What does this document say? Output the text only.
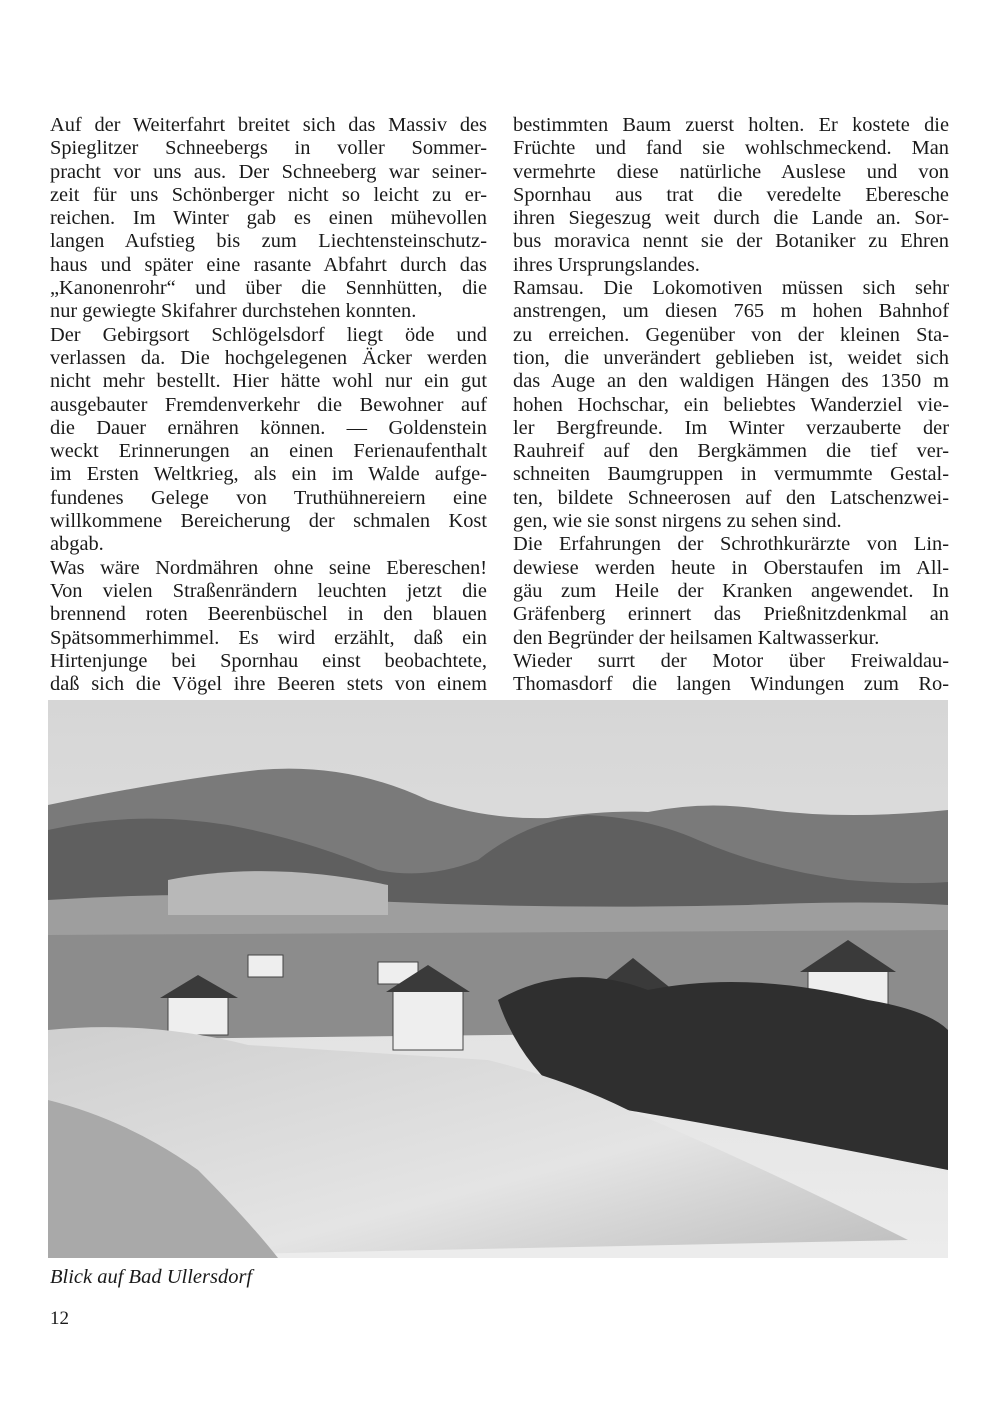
Auf der Weiterfahrt breitet sich das Massiv des
Spieglitzer Schneebergs in voller Sommer-
pracht vor uns aus. Der Schneeberg war seiner-
zeit für uns Schönberger nicht so leicht zu er-
reichen. Im Winter gab es einen mühevollen
langen Aufstieg bis zum Liechtensteinschutz-
haus und später eine rasante Abfahrt durch das
„Kanonenrohr“ und über die Sennhütten, die
nur gewiegte Skifahrer durchstehen konnten.
Der Gebirgsort Schlögelsdorf liegt öde und
verlassen da. Die hochgelegenen Äcker werden
nicht mehr bestellt. Hier hätte wohl nur ein gut
ausgebauter Fremdenverkehr die Bewohner auf
die Dauer ernähren können. — Goldenstein
weckt Erinnerungen an einen Ferienaufenthalt
im Ersten Weltkrieg, als ein im Walde aufge-
fundenes Gelege von Truthühnereiern eine
willkommene Bereicherung der schmalen Kost
abgab.
Was wäre Nordmähren ohne seine Ebereschen!
Von vielen Straßenrändern leuchten jetzt die
brennend roten Beerenbüschel in den blauen
Spätsommerhimmel. Es wird erzählt, daß ein
Hirtenjunge bei Spornhau einst beobachtete,
daß sich die Vögel ihre Beeren stets von einem
bestimmten Baum zuerst holten. Er kostete die
Früchte und fand sie wohlschmeckend. Man
vermehrte diese natürliche Auslese und von
Spornhau aus trat die veredelte Eberesche
ihren Siegeszug weit durch die Lande an. Sor-
bus moravica nennt sie der Botaniker zu Ehren
ihres Ursprungslandes.
Ramsau. Die Lokomotiven müssen sich sehr
anstrengen, um diesen 765 m hohen Bahnhof
zu erreichen. Gegenüber von der kleinen Sta-
tion, die unverändert geblieben ist, weidet sich
das Auge an den waldigen Hängen des 1350 m
hohen Hochschar, ein beliebtes Wanderziel vie-
ler Bergfreunde. Im Winter verzauberte der
Rauhreif auf den Bergkämmen die tief ver-
schneiten Baumgruppen in vermummte Gestal-
ten, bildete Schneerosen auf den Latschenzwei-
gen, wie sie sonst nirgens zu sehen sind.
Die Erfahrungen der Schrothkurärzte von Lin-
dewiese werden heute in Oberstaufen im All-
gäu zum Heile der Kranken angewendet. In
Gräfenberg erinnert das Prießnitzdenkmal an
den Begründer der heilsamen Kaltwasserkur.
Wieder surrt der Motor über Freiwaldau-
Thomasdorf die langen Windungen zum Ro-
Blick auf Bad Ullersdorf
12
